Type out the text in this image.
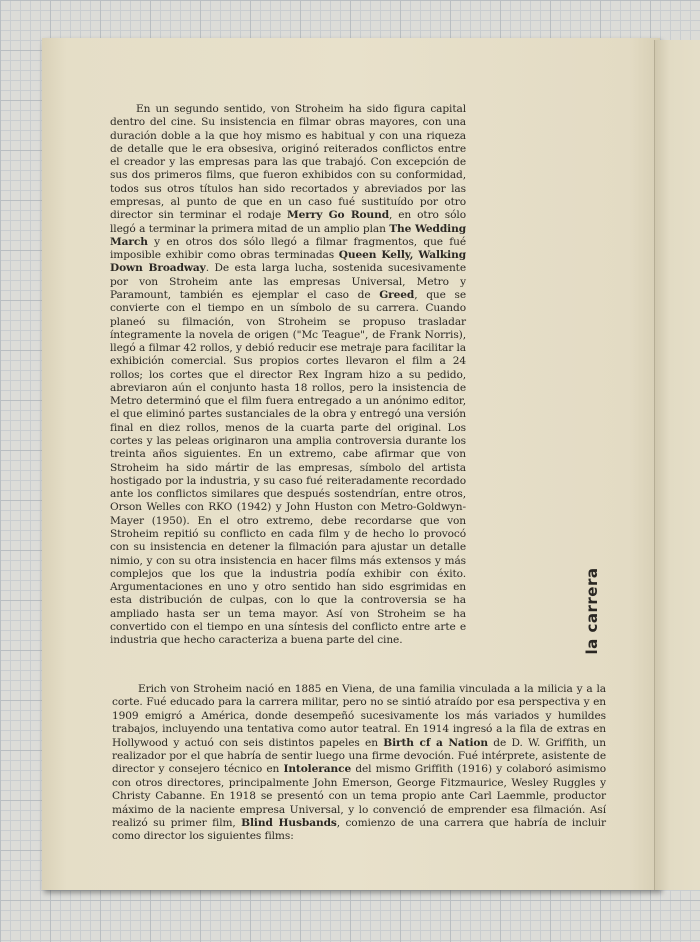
En un segundo sentido, von Stroheim ha sido figura capital dentro del cine. Su insistencia en filmar obras mayores, con una duración doble a la que hoy mismo es habitual y con una riqueza de detalle que le era obsesiva, originó reiterados conflictos entre el creador y las empresas para las que trabajó. Con excepción de sus dos primeros films, que fueron exhibidos con su conformidad, todos sus otros títulos han sido recortados y abreviados por las empresas, al punto de que en un caso fué sustituído por otro director sin terminar el rodaje Merry Go Round, en otro sólo llegó a terminar la primera mitad de un amplio plan The Wedding March y en otros dos sólo llegó a filmar fragmentos, que fué imposible exhibir como obras terminadas Queen Kelly, Walking Down Broadway. De esta larga lucha, sostenida sucesivamente por von Stroheim ante las empresas Universal, Metro y Paramount, también es ejemplar el caso de Greed, que se convierte con el tiempo en un símbolo de su carrera. Cuando planeó su filmación, von Stroheim se propuso trasladar íntegramente la novela de origen ("Mc Teague", de Frank Norris), llegó a filmar 42 rollos, y debió reducir ese metraje para facilitar la exhibición comercial. Sus propios cortes llevaron el film a 24 rollos; los cortes que el director Rex Ingram hizo a su pedido, abreviaron aún el conjunto hasta 18 rollos, pero la insistencia de Metro determinó que el film fuera entregado a un anónimo editor, el que eliminó partes sustanciales de la obra y entregó una versión final en diez rollos, menos de la cuarta parte del original. Los cortes y las peleas originaron una amplia controversia durante los treinta años siguientes. En un extremo, cabe afirmar que von Stroheim ha sido mártir de las empresas, símbolo del artista hostigado por la industria, y su caso fué reiteradamente recordado ante los conflictos similares que después sostendrían, entre otros, Orson Welles con RKO (1942) y John Huston con Metro-Goldwyn-Mayer (1950). En el otro extremo, debe recordarse que von Stroheim repitió su conflicto en cada film y de hecho lo provocó con su insistencia en detener la filmación para ajustar un detalle nimio, y con su otra insistencia en hacer films más extensos y más complejos que los que la industria podía exhibir con éxito. Argumentaciones en uno y otro sentido han sido esgrimidas en esta distribución de culpas, con lo que la controversia se ha ampliado hasta ser un tema mayor. Así von Stroheim se ha convertido con el tiempo en una síntesis del conflicto entre arte e industria que hecho caracteriza a buena parte del cine.	la carrera

Erich von Stroheim nació en 1885 en Viena, de una familia vinculada a la milicia y a la corte. Fué educado para la carrera militar, pero no se sintió atraído por esa perspectiva y en 1909 emigró a América, donde desempeñó sucesivamente los más variados y humildes trabajos, incluyendo una tentativa como autor teatral. En 1914 ingresó a la fila de extras en Hollywood y actuó con seis distintos papeles en Birth cf a Nation de D. W. Griffith, un realizador por el que habría de sentir luego una firme devoción. Fué intérprete, asistente de director y consejero técnico en Intolerance del mismo Griffith (1916) y colaboró asimismo con otros directores, principalmente John Emerson, George Fitzmaurice, Wesley Ruggles y Christy Cabanne. En 1918 se presentó con un tema propio ante Carl Laemmle, productor máximo de la naciente empresa Universal, y lo convenció de emprender esa filmación. Así realizó su primer film, Blind Husbands, comienzo de una carrera que habría de incluir como director los siguientes films:
